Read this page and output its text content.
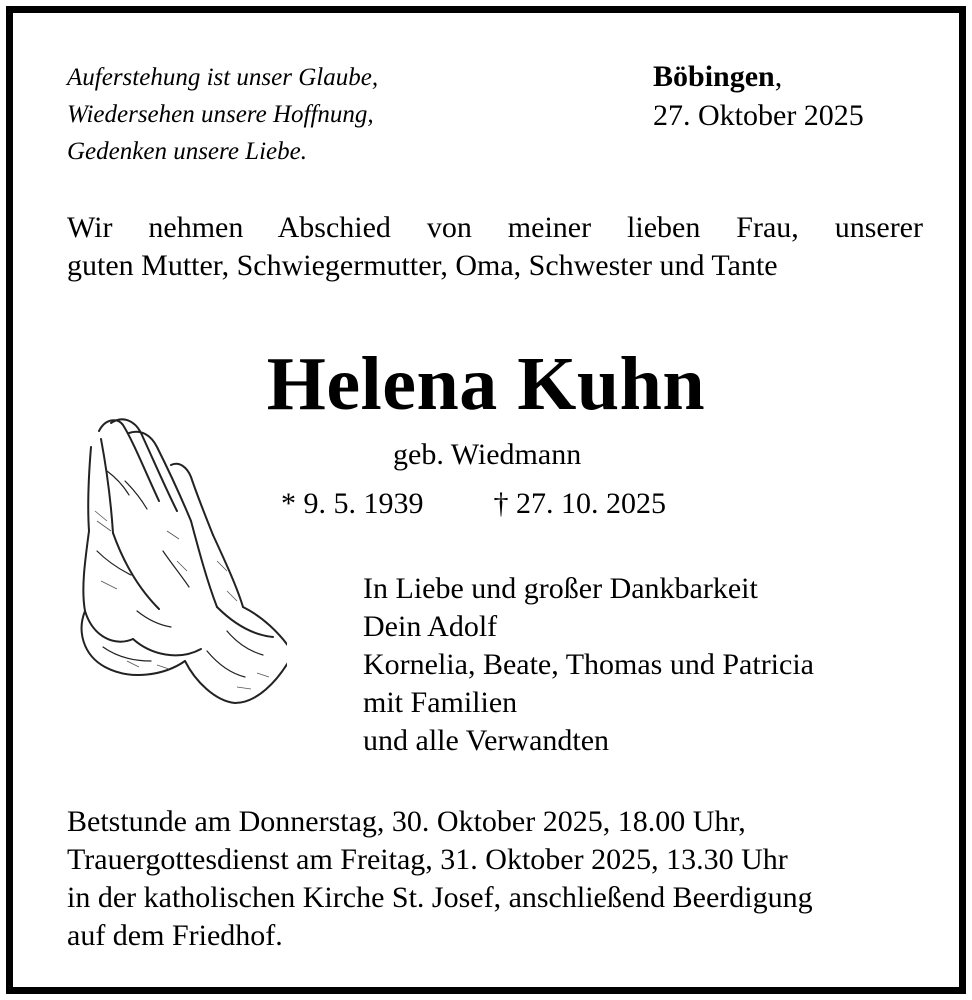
Auferstehung ist unser Glaube,
Wiedersehen unsere Hoffnung,
Gedenken unsere Liebe.
Böbingen,
27. Oktober 2025
Wir nehmen Abschied von meiner lieben Frau, unserer
guten Mutter, Schwiegermutter, Oma, Schwester und Tante
Helena Kuhn
geb. Wiedmann
* 9. 5. 1939 † 27. 10. 2025
In Liebe und großer Dankbarkeit
Dein Adolf
Kornelia, Beate, Thomas und Patricia
mit Familien
und alle Verwandten
Betstunde am Donnerstag, 30. Oktober 2025, 18.00 Uhr,
Trauergottesdienst am Freitag, 31. Oktober 2025, 13.30 Uhr
in der katholischen Kirche St. Josef, anschließend Beerdigung
auf dem Friedhof.
